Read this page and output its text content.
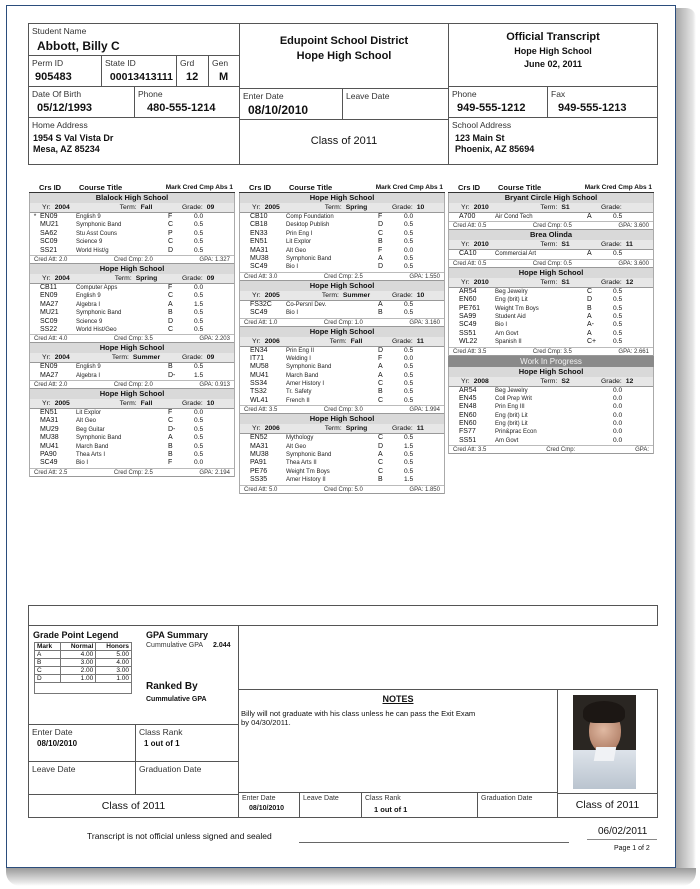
Student Name
Abbott, Billy C
Perm ID
905483
State ID
00013413111
Grd
12
Gen
M
Date Of Birth
05/12/1993
Phone
480-555-1214
Home Address
1954 S Val Vista Dr
Mesa, AZ 85234
Edupoint School District
Hope High School
Enter Date
08/10/2010
Leave Date
Class of 2011
Official Transcript
Hope High School
June 02, 2011
Phone
949-555-1212
Fax
949-555-1213
School Address
123 Main St
Phoenix, AZ 85694
Crs ID	Course Title	Mark Cred Cmp Abs 1
Blalock High School
Yr: 2004	Term: Fall	Grade: 09
* EN09	English 9	F	0.0
MU21	Symphonic Band	C	0.5
SA62	Stu Asst Couns	P	0.5
SC09	Science 9	C	0.5
SS21	World Hist/g	D	0.5
Cred Att: 2.0	Cred Cmp: 2.0	GPA: 1.327
Hope High School
Yr: 2004	Term: Spring	Grade: 09
CB11	Computer Apps	F	0.0
EN09	English 9	C	0.5
MA27	Algebra I	A	1.5
MU21	Symphonic Band	B	0.5
SC09	Science 9	D	0.5
SS22	World Hist/Geo	C	0.5
Cred Att: 4.0	Cred Cmp: 3.5	GPA: 2.203
Hope High School
Yr: 2004	Term: Summer	Grade: 09
EN09	English 9	B	0.5
MA27	Algebra I	D-	1.5
Cred Att: 2.0	Cred Cmp: 2.0	GPA: 0.913
Hope High School
Yr: 2005	Term: Fall	Grade: 10
EN51	Lit Explor	F	0.0
MA31	Alt Geo	C	0.5
MU29	Beg Guitar	D-	0.5
MU38	Symphonic Band	A	0.5
MU41	March Band	B	0.5
PA90	Thea Arts I	B	0.5
SC49	Bio I	F	0.0
Cred Att: 2.5	Cred Cmp: 2.5	GPA: 2.194
Crs ID	Course Title	Mark Cred Cmp Abs 1
Hope High School
Yr: 2005	Term: Spring	Grade: 10
CB10	Comp Foundation	F	0.0
CB18	Desktop Publish	D	0.5
EN33	Prin Eng I	C	0.5
EN51	Lit Explor	B	0.5
MA31	Alt Geo	F	0.0
MU38	Symphonic Band	A	0.5
SC49	Bio I	D	0.5
Cred Att: 3.0	Cred Cmp: 2.5	GPA: 1.550
Hope High School
Yr: 2005	Term: Summer	Grade: 10
FS32C	Co-Persnl Dev.	A	0.5
SC49	Bio I	B	0.5
Cred Att: 1.0	Cred Cmp: 1.0	GPA: 3.160
Hope High School
Yr: 2006	Term: Fall	Grade: 11
EN34	Prin Eng II	D	0.5
IT71	Welding I	F	0.0
MU58	Symphonic Band	A	0.5
MU41	March Band	A	0.5
SS34	Amer History I	C	0.5
TS32	Tr. Safety	B	0.5
WL41	French II	C	0.5
Cred Att: 3.5	Cred Cmp: 3.0	GPA: 1.994
Hope High School
Yr: 2006	Term: Spring	Grade: 11
EN52	Mythology	C	0.5
MA31	Alt Geo	D	1.5
MU38	Symphonic Band	A	0.5
PA91	Thea Arts II	C	0.5
PE76	Weight Tm Boys	C	0.5
SS35	Amer History II	B	1.5
Cred Att: 5.0	Cred Cmp: 5.0	GPA: 1.850
Crs ID	Course Title	Mark Cred Cmp Abs 1
Bryant Circle High School
Yr: 2010	Term: S1	Grade:
A700	Air Cond Tech	A	0.5
Cred Att: 0.5	Cred Cmp: 0.5	GPA: 3.600
Brea Olinda
Yr: 2010	Term: S1	Grade: 11
CA10	Commercial Art	A	0.5
Cred Att: 0.5	Cred Cmp: 0.5	GPA: 3.600
Hope High School
Yr: 2010	Term: S1	Grade: 12
AR54	Beg Jewelry	C	0.5
EN60	Eng (brit) Lit	D	0.5
PE761	Weight Tm Boys	B	0.5
SA99	Student Aid	A	0.5
SC49	Bio I	A-	0.5
SS51	Am Govt	A	0.5
WL22	Spanish II	C+	0.5
Cred Att: 3.5	Cred Cmp: 3.5	GPA: 2.661
Work In Progress
Hope High School
Yr: 2008	Term: S2	Grade: 12
AR54	Beg Jewelry	0.0
EN45	Coll Prep Writ	0.0
EN48	Prin Eng III	0.0
EN60	Eng (brit) Lit	0.0
EN60	Eng (brit) Lit	0.0
FS77	Prin&prac Econ	0.0
SS51	Am Govt	0.0
Cred Att: 3.5	Cred Cmp:	GPA:
Grade Point Legend
Mark	Normal	Honors
A	4.00	5.00
B	3.00	4.00
C	2.00	3.00
D	1.00	1.00

GPA Summary
Cummulative GPA 2.044
Ranked By
Cummulative GPA
Enter Date
08/10/2010
Class Rank
1 out of 1
Leave Date	Graduation Date
Class of 2011
NOTES
Billy will not graduate with his class unless he can pass the Exit Exam
by 04/30/2011.
Enter Date
08/10/2010
Leave Date	Class Rank
1 out of 1
Graduation Date
Class of 2011
Transcript is not official unless signed and sealed	06/02/2011
Page 1 of 2
